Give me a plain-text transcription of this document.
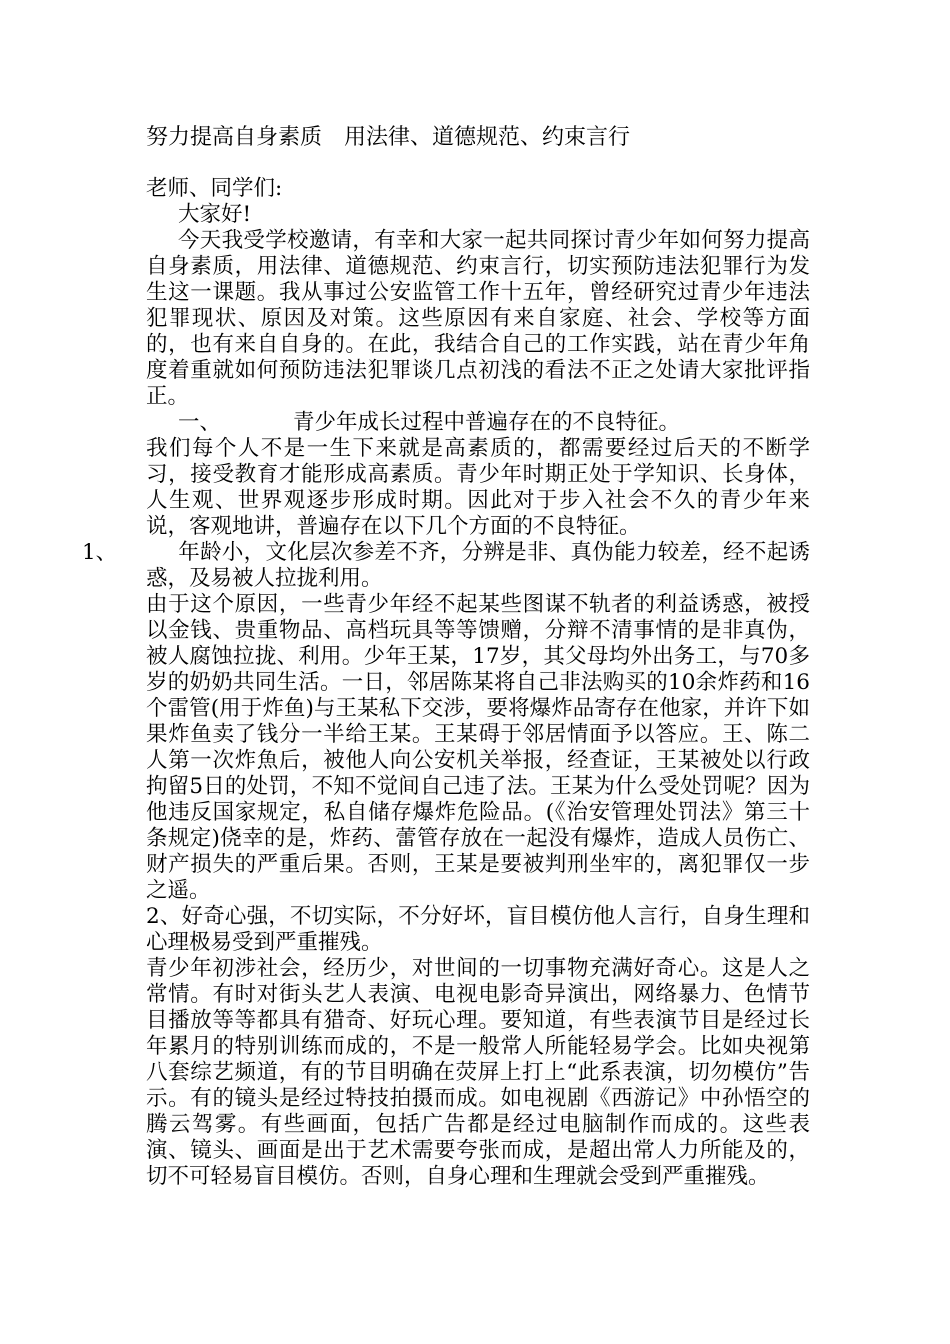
努力提高自身素质　用法律、道德规范、约束言行

老师、同学们:

大家好!

今天我受学校邀请，有幸和大家一起共同探讨青少年如何努力提高自身素质，用法律、道德规范、约束言行，切实预防违法犯罪行为发生这一课题。我从事过公安监管工作十五年，曾经研究过青少年违法犯罪现状、原因及对策。这些原因有来自家庭、社会、学校等方面的，也有来自自身的。在此，我结合自己的工作实践，站在青少年角度着重就如何预防违法犯罪谈几点初浅的看法不正之处请大家批评指正。

一、	青少年成长过程中普遍存在的不良特征。

我们每个人不是一生下来就是高素质的，都需要经过后天的不断学习，接受教育才能形成高素质。青少年时期正处于学知识、长身体，人生观、世界观逐步形成时期。因此对于步入社会不久的青少年来说，客观地讲，普遍存在以下几个方面的不良特征。

1、	年龄小，文化层次参差不齐，分辨是非、真伪能力较差，经不起诱惑，及易被人拉拢利用。

由于这个原因，一些青少年经不起某些图谋不轨者的利益诱惑，被授以金钱、贵重物品、高档玩具等等馈赠，分辩不清事情的是非真伪，被人腐蚀拉拢、利用。少年王某，17岁，其父母均外出务工，与70多岁的奶奶共同生活。一日，邻居陈某将自己非法购买的10余炸药和16个雷管(用于炸鱼)与王某私下交涉，要将爆炸品寄存在他家，并许下如果炸鱼卖了钱分一半给王某。王某碍于邻居情面予以答应。王、陈二人第一次炸魚后，被他人向公安机关举报，经查证，王某被处以行政拘留5日的处罚，不知不觉间自己违了法。王某为什么受处罚呢？因为他违反国家规定，私自储存爆炸危险品。(《治安管理处罚法》第三十条规定)侥幸的是，炸药、蕾管存放在一起没有爆炸，造成人员伤亡、财产损失的严重后果。否则，王某是要被判刑坐牢的，离犯罪仅一步之遥。

2、好奇心强，不切实际，不分好坏，盲目模仿他人言行，自身生理和心理极易受到严重摧残。

青少年初涉社会，经历少，对世间的一切事物充满好奇心。这是人之常情。有时对街头艺人表演、电视电影奇异演出，网络暴力、色情节目播放等等都具有猎奇、好玩心理。要知道，有些表演节目是经过长年累月的特别训练而成的，不是一般常人所能轻易学会。比如央视第八套综艺频道，有的节目明确在荧屏上打上“此系表演，切勿模仿”告示。有的镜头是经过特技拍摄而成。如电视剧《西游记》中孙悟空的腾云驾雾。有些画面，包括广告都是经过电脑制作而成的。这些表演、镜头、画面是出于艺术需要夸张而成，是超出常人力所能及的，切不可轻易盲目模仿。否则，自身心理和生理就会受到严重摧残。
